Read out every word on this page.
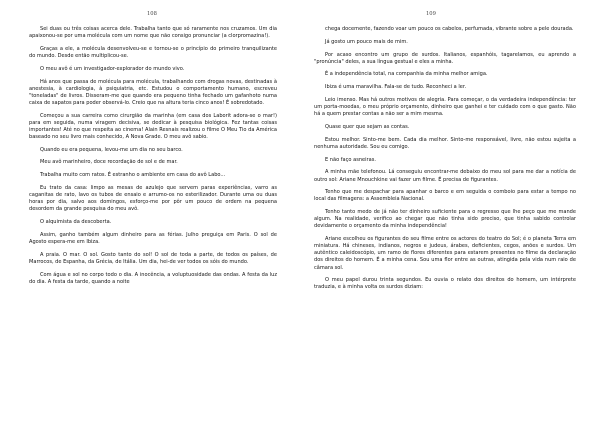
108

Sei duas ou três coisas acerca dele. Trabalha tanto que só raramente nos cruzamos. Um dia apaixonou-se por uma molécula com um nome que não consigo pronunciar (a clorpromazina!).

Graças a ele, a molécula desenvolveu-se e tornou-se o princípio do primeiro tranquilizante do mundo. Desde então multiplicou-se.

O meu avô é um investigador-explorador do mundo vivo.

Há anos que passa de molécula para molécula, trabalhando com drogas novas, destinadas à anestesia, à cardiologia, à psiquiatria, etc. Estudou o comportamento humano, escreveu "toneladas" de livros. Disseram-me que quando era pequeno tinha fechado um gafanhoto numa caixa de sapatos para poder observá-lo. Creio que na altura teria cinco anos! É sobredotado.

Começou a sua carreira como cirurgião da marinha (em casa dos Laborit adora-se o mar!) para em seguida, numa viragem decisiva, se dedicar à pesquisa biológica. Fez tantas coisas importantes! Até no que respeita ao cinema! Alain Resnais realizou o filme O Meu Tio da América baseado no seu livro mais conhecido, A Nova Grade. O meu avô sabio.

Quando eu era pequena, levou-me um dia no seu barco.

Meu avô marinheiro, doce recordação de sol e de mar.

Trabalha muito com ratos. É estranho o ambiente em casa do avô Labo...

Eu trato da casa: limpo as mesas de azulejo que servem paras experiências, varro as caganitas de rato, lavo os tubos de ensaio e arrumo-os no esterilizador. Durante uma ou duas horas por dia, salvo aos domingos, esforço-me por pôr um pouco de ordem na pequena desordem da grande pesquisa do meu avô.

O alquimista da descoberta.

Assim, ganho também algum dinheiro para as férias. Julho preguiça em Paris. O sol de Agosto espera-me em Ibiza.

A praia. O mar. O sol. Gosto tanto do sol! O sol de toda a parte, de todos os países, de Marrocos, de Espanha, da Grécia, de Itália. Um dia, hei-de ver todos os sóis do mundo.

Com água e sol no corpo todo o dia. A inocência, a voluptuosidade das ondas. A festa da luz do dia. A festa da tarde, quando a noite

109

chega docemente, fazendo voar um pouco os cabelos, perfumada, vibrante sobre a pele dourada.

Já gosto um pouco mais de mim.

Por acaso encontro um grupo de surdos. Italianos, espanhóis, tagarelamos, eu aprendo a "pronúncia" deles, a sua língua gestual e eles a minha.

É a independência total, na companhia da minha melhor amiga.

Ibiza é uma maravilha. Fala-se de tudo. Reconheci a ler.

Leio imenso. Mas há outros motivos de alegria. Para começar, o da verdadeira independência: ter um porta-moedas, o meu próprio orçamento, dinheiro que ganhei e ter cuidado com o que gasto. Não há a quem prestar contas a não ser a mim mesma.

Quase quer que sejam as contas.

Estou melhor. Sinto-me bem. Cada dia melhor. Sinto-me responsável, livre, não estou sujeita a nenhuma autoridade. Sou eu comigo.

E não faço asneiras.

A minha mãe telefonou. Lá conseguiu encontrar-me debaixo do meu sol para me dar a notícia de outro sol: Ariane Mnouchkine vai fazer um filme. É precisa de figurantes.

Tenho que me despachar para apanhar o barco e em seguida o comboio para estar a tempo no local das filmagens: a Assembleia Nacional.

Tenho tanto medo de já não ter dinheiro suficiente para o regresso que lhe peço que me mande algum. Na realidade, verifico ao chegar que não tinha sido preciso, que tinha sabido controlar devidamente o orçamento da minha independência!

Ariane escolheu os figurantes do seu filme entre os actores do teatro do Sol; é o planeta Terra em miniatura. Há chineses, indianos, negros e judeus, árabes, deficientes, cegos, anões e surdos. Um autêntico caleidoscópio, um ramo de flores diferentes para estarem presentes no filme da declaração dos direitos do homem. É a minha cena. Sou uma flor entre as outras, atingida pela vida num raio de câmara sol.

O meu papel durou trinta segundos. Eu ouvia o relato dos direitos do homem, um intérprete traduzia, e à minha volta os surdos diziam:
